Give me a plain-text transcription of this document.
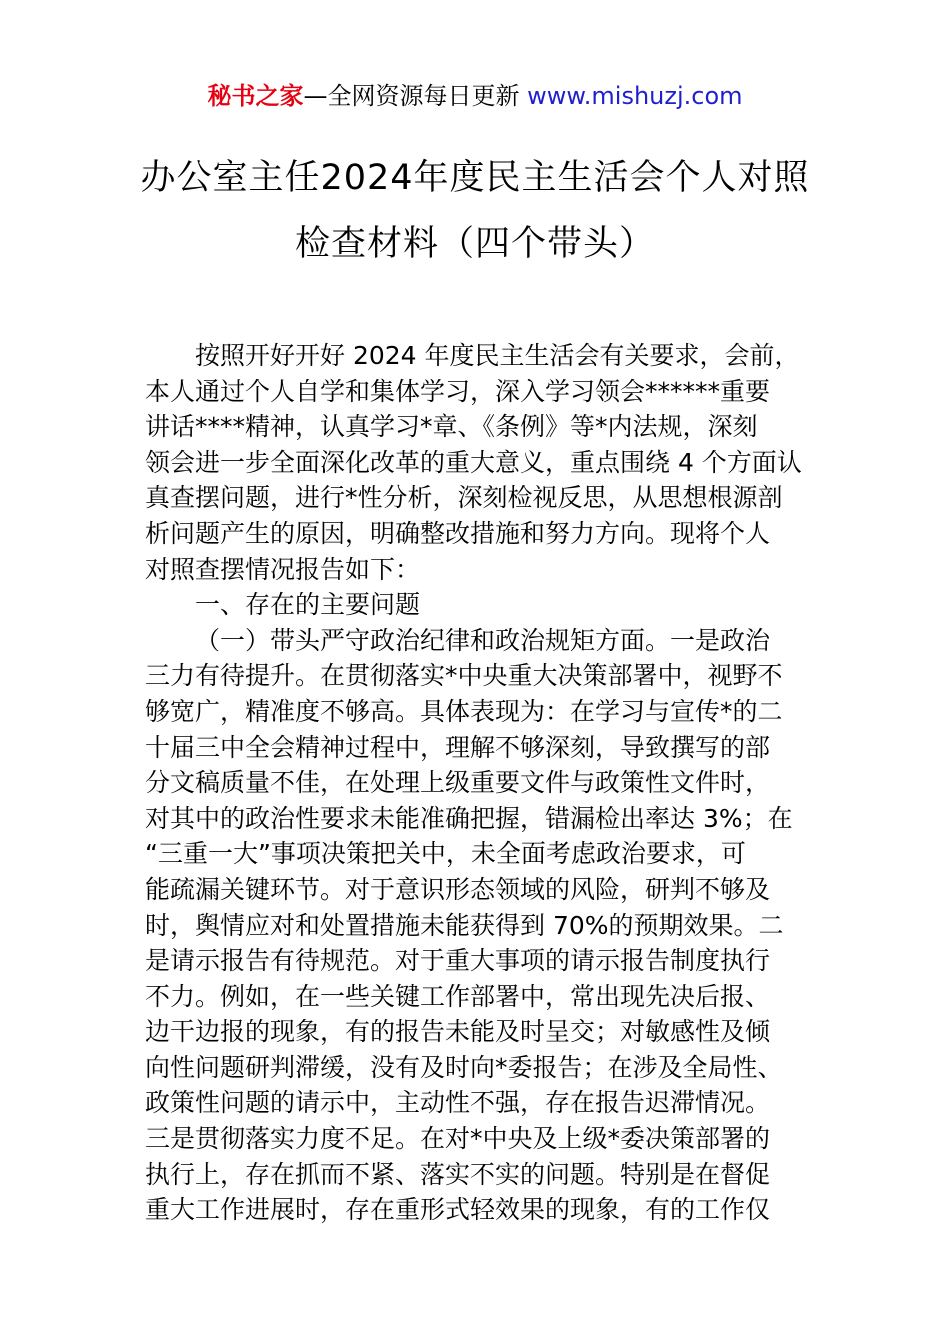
秘书之家—全网资源每日更新 www.mishuzj.com
办公室主任2024年度民主生活会个人对照
检查材料（四个带头）
按照开好开好 2024 年度民主生活会有关要求，会前，
本人通过个人自学和集体学习，深入学习领会******重要
讲话****精神，认真学习*章、《条例》等*内法规，深刻
领会进一步全面深化改革的重大意义，重点围绕 4 个方面认
真查摆问题，进行*性分析，深刻检视反思，从思想根源剖
析问题产生的原因，明确整改措施和努力方向。现将个人
对照查摆情况报告如下：
一、存在的主要问题
（一）带头严守政治纪律和政治规矩方面。一是政治
三力有待提升。在贯彻落实*中央重大决策部署中，视野不
够宽广，精准度不够高。具体表现为：在学习与宣传*的二
十届三中全会精神过程中，理解不够深刻，导致撰写的部
分文稿质量不佳，在处理上级重要文件与政策性文件时，
对其中的政治性要求未能准确把握，错漏检出率达 3%；在
“三重一大”事项决策把关中，未全面考虑政治要求，可
能疏漏关键环节。对于意识形态领域的风险，研判不够及
时，舆情应对和处置措施未能获得到 70%的预期效果。二
是请示报告有待规范。对于重大事项的请示报告制度执行
不力。例如，在一些关键工作部署中，常出现先决后报、
边干边报的现象，有的报告未能及时呈交；对敏感性及倾
向性问题研判滞缓，没有及时向*委报告；在涉及全局性、
政策性问题的请示中，主动性不强，存在报告迟滞情况。
三是贯彻落实力度不足。在对*中央及上级*委决策部署的
执行上，存在抓而不紧、落实不实的问题。特别是在督促
重大工作进展时，存在重形式轻效果的现象，有的工作仅
